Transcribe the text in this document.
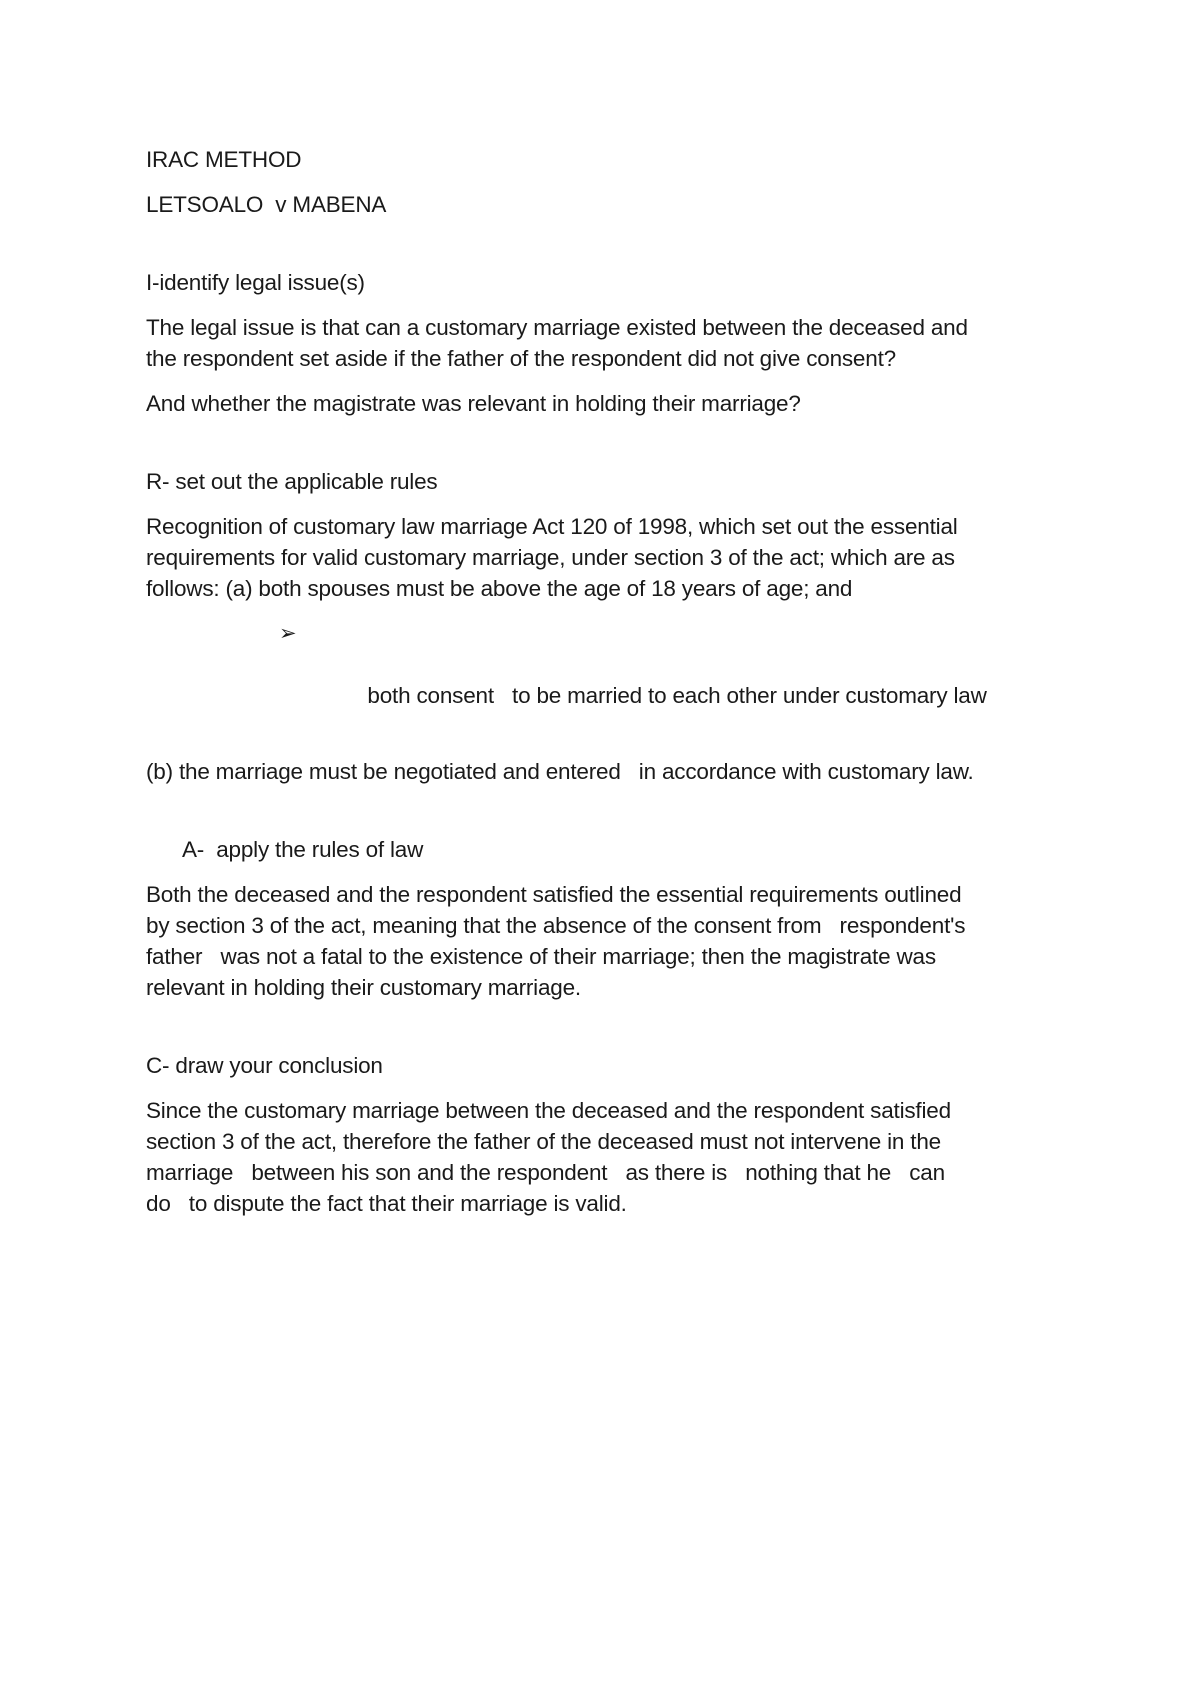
IRAC METHOD

LETSOALO  v MABENA

I-identify legal issue(s)

The legal issue is that can a customary marriage existed between the deceased and

the respondent set aside if the father of the respondent did not give consent?

And whether the magistrate was relevant in holding their marriage?

R- set out the applicable rules

Recognition of customary law marriage Act 120 of 1998, which set out the essential

requirements for valid customary marriage, under section 3 of the act; which are as

follows: (a) both spouses must be above the age of 18 years of age; and

➢

both consent   to be married to each other under customary law

(b) the marriage must be negotiated and entered   in accordance with customary law.

A-  apply the rules of law

Both the deceased and the respondent satisfied the essential requirements outlined

by section 3 of the act, meaning that the absence of the consent from   respondent's

father   was not a fatal to the existence of their marriage; then the magistrate was

relevant in holding their customary marriage.

C- draw your conclusion

Since the customary marriage between the deceased and the respondent satisfied

section 3 of the act, therefore the father of the deceased must not intervene in the

marriage   between his son and the respondent   as there is   nothing that he   can

do   to dispute the fact that their marriage is valid.
